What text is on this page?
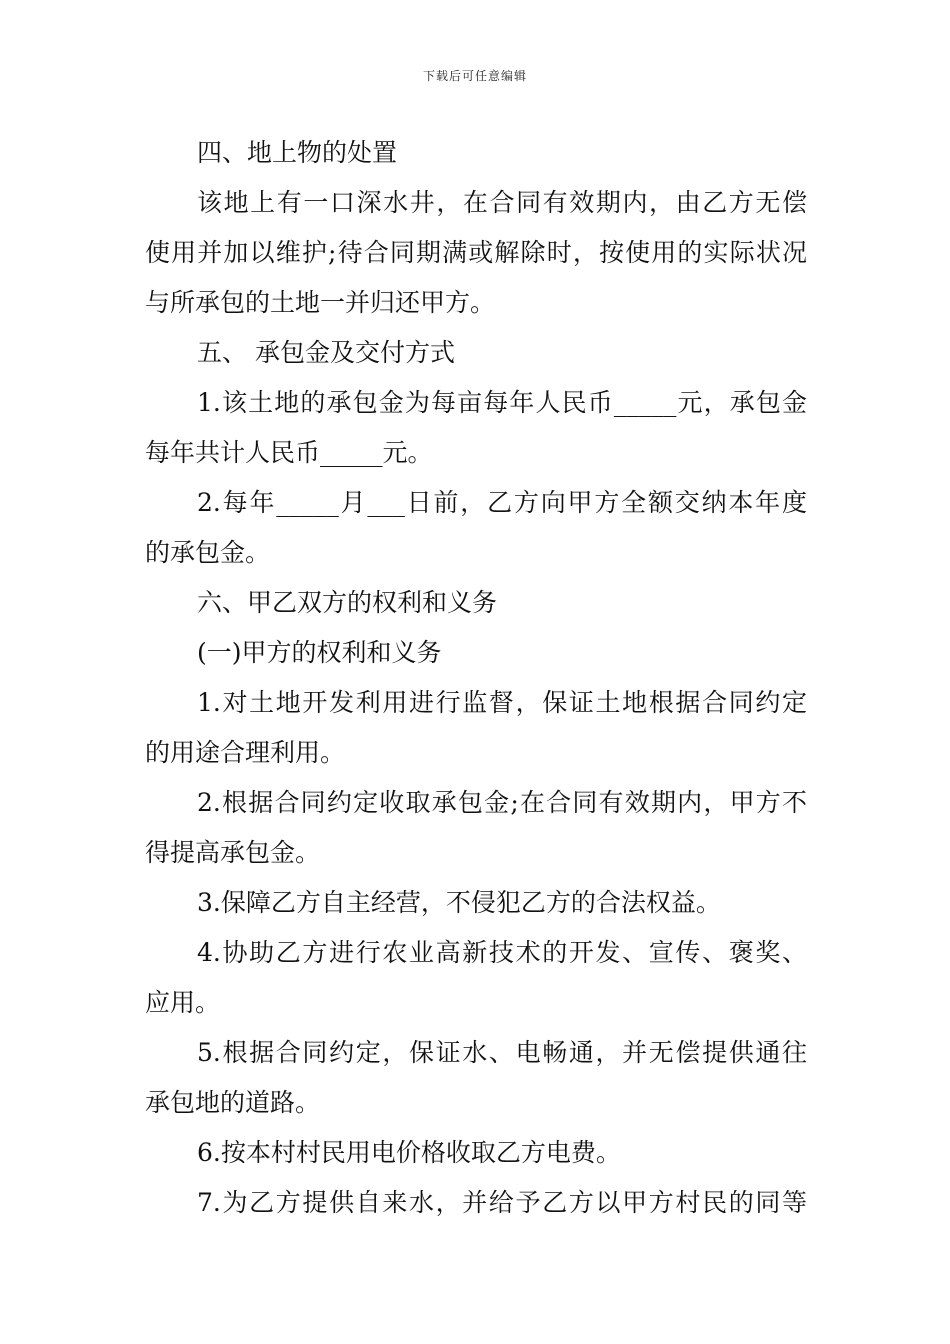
下载后可任意编辑
四、地上物的处置
该地上有一口深水井，在合同有效期内，由乙方无偿
使用并加以维护;待合同期满或解除时，按使用的实际状况
与所承包的土地一并归还甲方。
五、 承包金及交付方式
1.该土地的承包金为每亩每年人民币_____元，承包金
每年共计人民币_____元。
2.每年_____月___日前，乙方向甲方全额交纳本年度
的承包金。
六、甲乙双方的权利和义务
(一)甲方的权利和义务
1.对土地开发利用进行监督，保证土地根据合同约定
的用途合理利用。
2.根据合同约定收取承包金;在合同有效期内，甲方不
得提高承包金。
3.保障乙方自主经营，不侵犯乙方的合法权益。
4.协助乙方进行农业高新技术的开发、宣传、褒奖、
应用。
5.根据合同约定，保证水、电畅通，并无偿提供通往
承包地的道路。
6.按本村村民用电价格收取乙方电费。
7.为乙方提供自来水，并给予乙方以甲方村民的同等
